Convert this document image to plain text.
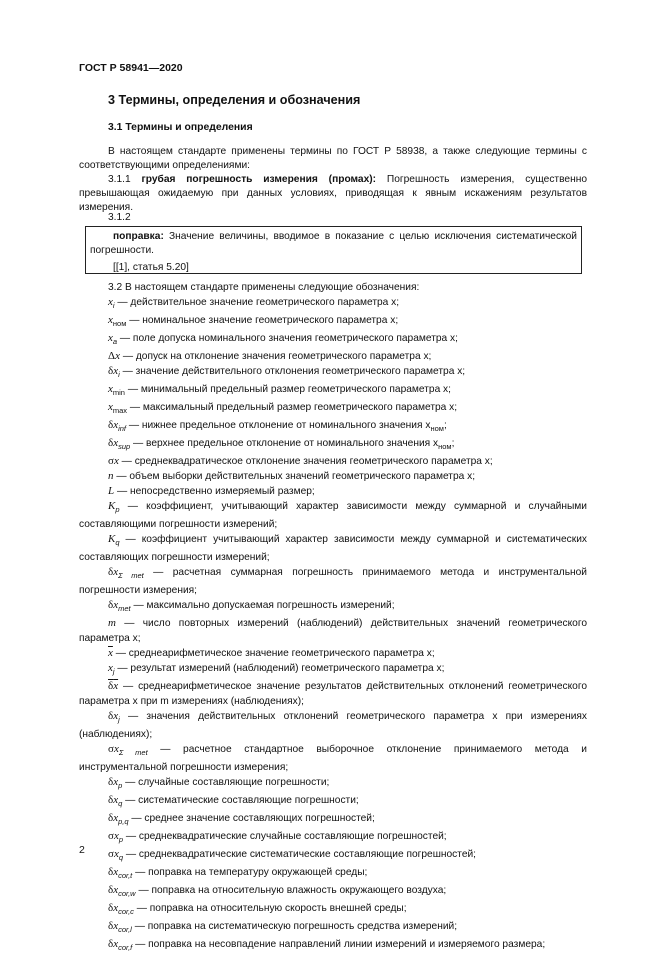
ГОСТ Р 58941—2020
3 Термины, определения и обозначения
3.1 Термины и определения
В настоящем стандарте применены термины по ГОСТ Р 58938, а также следующие термины с соответствующими определениями:
3.1.1 грубая погрешность измерения (промах): Погрешность измерения, существенно превышающая ожидаемую при данных условиях, приводящая к явным искажениям результатов измерения.
3.1.2
поправка: Значение величины, вводимое в показание с целью исключения систематической погрешности.
[[1], статья 5.20]
3.2 В настоящем стандарте применены следующие обозначения:
$x_i$ — действительное значение геометрического параметра x;
$x_{ном}$ — номинальное значение геометрического параметра x;
$x_a$ — поле допуска номинального значения геометрического параметра x;
Δx — допуск на отклонение значения геометрического параметра x;
$\delta x_i$ — значение действительного отклонения геометрического параметра x;
$x_{min}$ — минимальный предельный размер геометрического параметра x;
$x_{max}$ — максимальный предельный размер геометрического параметра x;
$\delta x_{inf}$ — нижнее предельное отклонение от номинального значения $x_{ном}$;
$\delta x_{sup}$ — верхнее предельное отклонение от номинального значения $x_{ном}$;
σx — среднеквадратическое отклонение значения геометрического параметра x;
n — объем выборки действительных значений геометрического параметра x;
L — непосредственно измеряемый размер;
$K_p$ — коэффициент, учитывающий характер зависимости между суммарной и случайными составляющими погрешности измерений;
$K_q$ — коэффициент учитывающий характер зависимости между суммарной и систематических составляющих погрешности измерений;
$\delta x_{\Sigma met}$ — расчетная суммарная погрешность принимаемого метода и инструментальной погрешности измерения;
$\delta x_{met}$ — максимально допускаемая погрешность измерений;
m — число повторных измерений (наблюдений) действительных значений геометрического параметра x;
$\overline{x}$ — среднеарифметическое значение геометрического параметра x;
$x_j$ — результат измерений (наблюдений) геометрического параметра x;
$\overline{\delta}\overline{x}$ — среднеарифметическое значение результатов действительных отклонений геометрического параметра x при m измерениях (наблюдениях);
$\delta x_j$ — значения действительных отклонений геометрического параметра x при измерениях (наблюдениях);
$\sigma x_{\Sigma met}$ — расчетное стандартное выборочное отклонение принимаемого метода и инструментальной погрешности измерения;
$\delta x_p$ — случайные составляющие погрешности;
$\delta x_q$ — систематические составляющие погрешности;
$\delta x_{p,q}$ — среднее значение составляющих погрешностей;
$\sigma x_p$ — среднеквадратические случайные составляющие погрешностей;
$\sigma x_q$ — среднеквадратические систематические составляющие погрешностей;
$\delta x_{cor,t}$ — поправка на температуру окружающей среды;
$\delta x_{cor,w}$ — поправка на относительную влажность окружающего воздуха;
$\delta x_{cor,c}$ — поправка на относительную скорость внешней среды;
$\delta x_{cor,l}$ — поправка на систематическую погрешность средства измерений;
$\delta x_{cor,f}$ — поправка на несовпадение направлений линии измерений и измеряемого размера;
2
